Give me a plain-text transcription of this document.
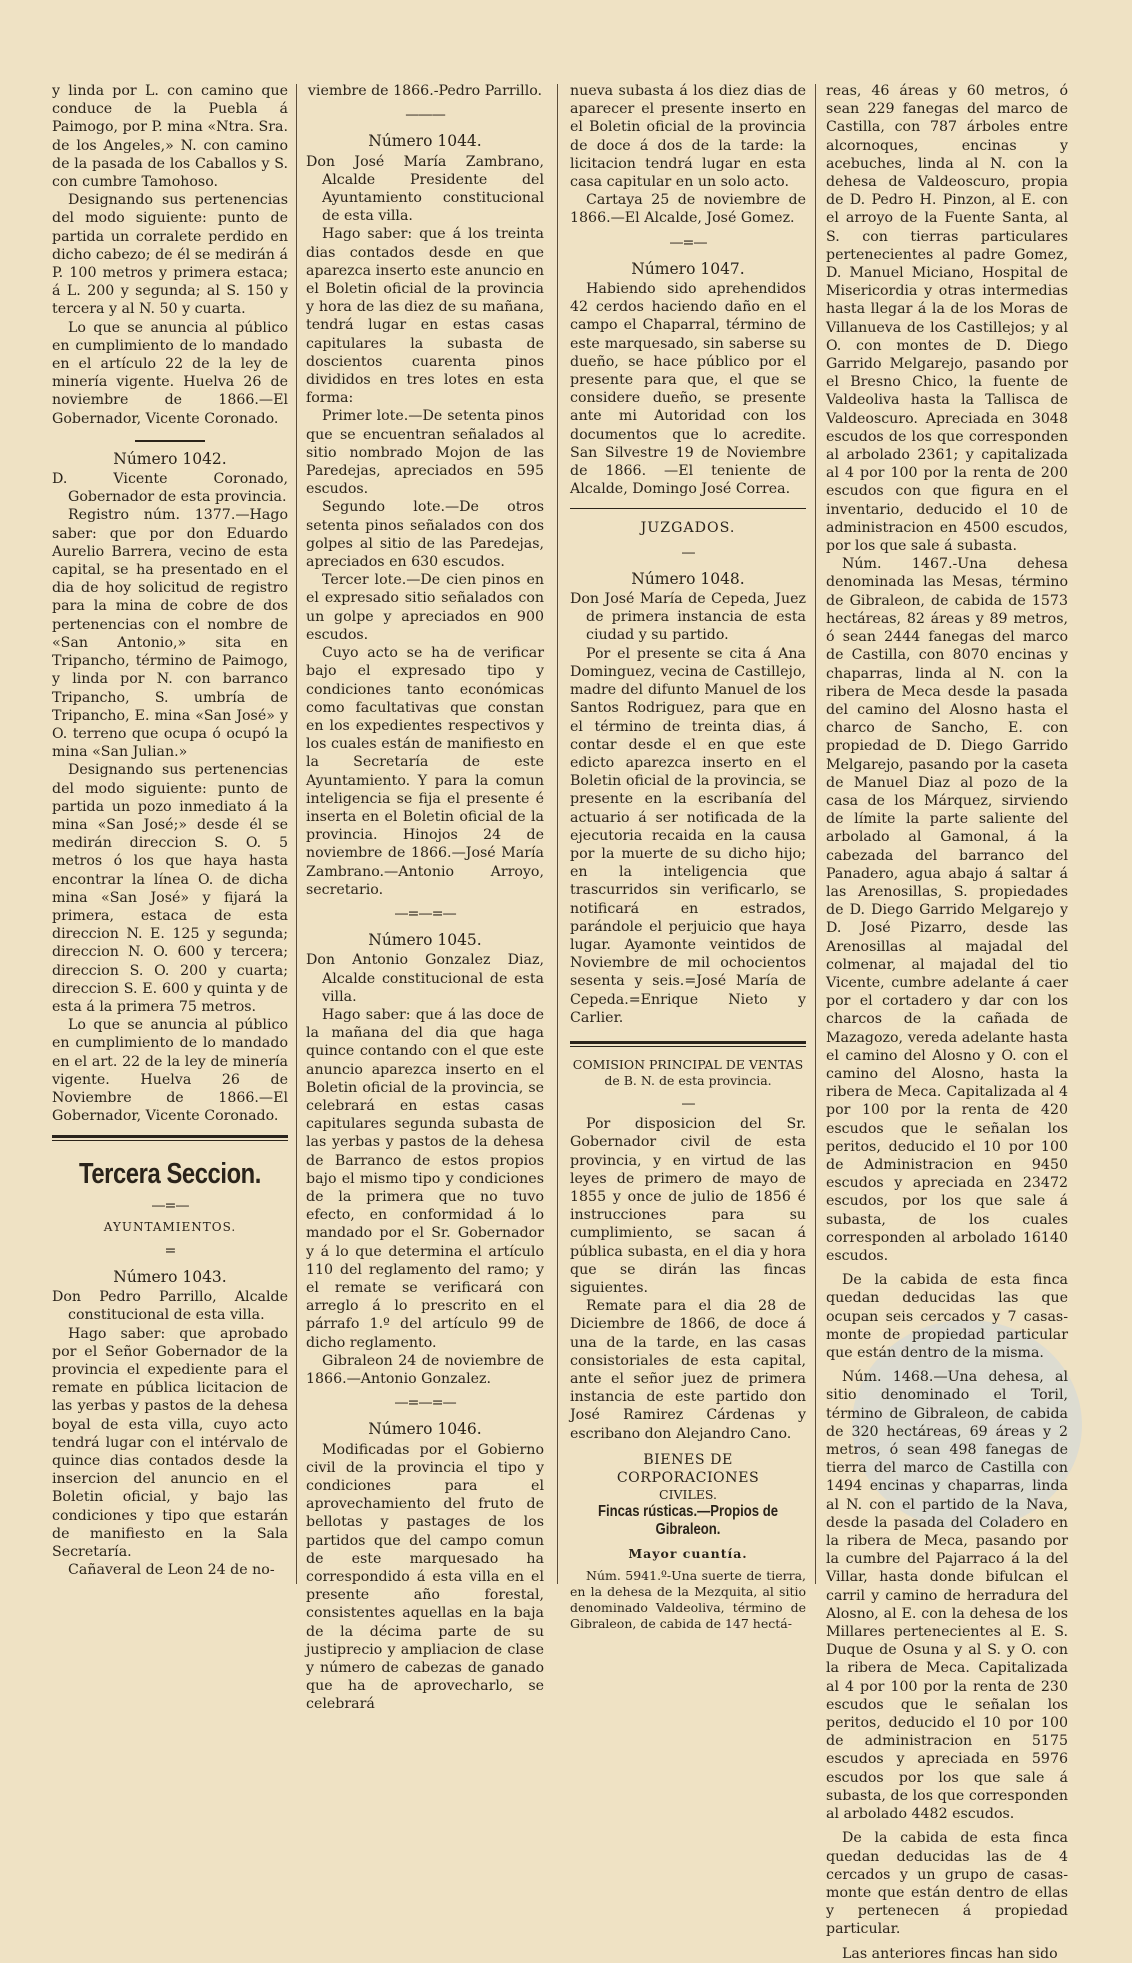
y linda por L. con camino que conduce de la Puebla á Paimogo, por P. mina «Ntra. Sra. de los Angeles,» N. con camino de la pasada de los Caballos y S. con cumbre Tamohoso.

Designando sus pertenencias del modo siguiente: punto de partida un corralete perdido en dicho cabezo; de él se medirán á P. 100 metros y primera estaca; á L. 200 y segunda; al S. 150 y tercera y al N. 50 y cuarta.

Lo que se anuncia al público en cumplimiento de lo mandado en el artículo 22 de la ley de minería vigente. Huelva 26 de noviembre de 1866.—El Gobernador, Vicente Coronado.

Número 1042.

D. Vicente Coronado, Gobernador de esta provincia.

Registro núm. 1377.—Hago saber: que por don Eduardo Aurelio Barrera, vecino de esta capital, se ha presentado en el dia de hoy solicitud de registro para la mina de cobre de dos pertenencias con el nombre de «San Antonio,» sita en Tripancho, término de Paimogo, y linda por N. con barranco Tripancho, S. umbría de Tripancho, E. mina «San José» y O. terreno que ocupa ó ocupó la mina «San Julian.»

Designando sus pertenencias del modo siguiente: punto de partida un pozo inmediato á la mina «San José;» desde él se medirán direccion S. O. 5 metros ó los que haya hasta encontrar la línea O. de dicha mina «San José» y fijará la primera, estaca de esta direccion N. E. 125 y segunda; direccion N. O. 600 y tercera; direccion S. O. 200 y cuarta; direccion S. E. 600 y quinta y de esta á la primera 75 metros.

Lo que se anuncia al público en cumplimiento de lo mandado en el art. 22 de la ley de minería vigente. Huelva 26 de Noviembre de 1866.—El Gobernador, Vicente Coronado.

Tercera Seccion.

—=—

AYUNTAMIENTOS.

=

Número 1043.

Don Pedro Parrillo, Alcalde constitucional de esta villa.

Hago saber: que aprobado por el Señor Gobernador de la provincia el expediente para el remate en pública licitacion de las yerbas y pastos de la dehesa boyal de esta villa, cuyo acto tendrá lugar con el intérvalo de quince dias contados desde la insercion del anuncio en el Boletin oficial, y bajo las condiciones y tipo que estarán de manifiesto en la Sala Secretaría.

Cañaveral de Leon 24 de no-

viembre de 1866.-Pedro Parrillo.

———

Número 1044.

Don José María Zambrano, Alcalde Presidente del Ayuntamiento constitucional de esta villa.

Hago saber: que á los treinta dias contados desde en que aparezca inserto este anuncio en el Boletin oficial de la provincia y hora de las diez de su mañana, tendrá lugar en estas casas capitulares la subasta de doscientos cuarenta pinos divididos en tres lotes en esta forma:

Primer lote.—De setenta pinos que se encuentran señalados al sitio nombrado Mojon de las Paredejas, apreciados en 595 escudos.

Segundo lote.—De otros setenta pinos señalados con dos golpes al sitio de las Paredejas, apreciados en 630 escudos.

Tercer lote.—De cien pinos en el expresado sitio señalados con un golpe y apreciados en 900 escudos.

Cuyo acto se ha de verificar bajo el expresado tipo y condiciones tanto económicas como facultativas que constan en los expedientes respectivos y los cuales están de manifiesto en la Secretaría de este Ayuntamiento. Y para la comun inteligencia se fija el presente é inserta en el Boletin oficial de la provincia. Hinojos 24 de noviembre de 1866.—José María Zambrano.—Antonio Arroyo, secretario.

—=—=—

Número 1045.

Don Antonio Gonzalez Diaz, Alcalde constitucional de esta villa.

Hago saber: que á las doce de la mañana del dia que haga quince contando con el que este anuncio aparezca inserto en el Boletin oficial de la provincia, se celebrará en estas casas capitulares segunda subasta de las yerbas y pastos de la dehesa de Barranco de estos propios bajo el mismo tipo y condiciones de la primera que no tuvo efecto, en conformidad á lo mandado por el Sr. Gobernador y á lo que determina el artículo 110 del reglamento del ramo; y el remate se verificará con arreglo á lo prescrito en el párrafo 1.º del artículo 99 de dicho reglamento.

Gibraleon 24 de noviembre de 1866.—Antonio Gonzalez.

—=—=—

Número 1046.

Modificadas por el Gobierno civil de la provincia el tipo y condiciones para el aprovechamiento del fruto de bellotas y pastages de los partidos que del campo comun de este marquesado ha correspondido á esta villa en el presente año forestal, consistentes aquellas en la baja de la décima parte de su justiprecio y ampliacion de clase y número de cabezas de ganado que ha de aprovecharlo, se celebrará

nueva subasta á los diez dias de aparecer el presente inserto en el Boletin oficial de la provincia de doce á dos de la tarde: la licitacion tendrá lugar en esta casa capitular en un solo acto.

Cartaya 25 de noviembre de 1866.—El Alcalde, José Gomez.

—=—

Número 1047.

Habiendo sido aprehendidos 42 cerdos haciendo daño en el campo el Chaparral, término de este marquesado, sin saberse su dueño, se hace público por el presente para que, el que se considere dueño, se presente ante mi Autoridad con los documentos que lo acredite. San Silvestre 19 de Noviembre de 1866. —El teniente de Alcalde, Domingo José Correa.

JUZGADOS.

—

Número 1048.

Don José María de Cepeda, Juez de primera instancia de esta ciudad y su partido.

Por el presente se cita á Ana Dominguez, vecina de Castillejo, madre del difunto Manuel de los Santos Rodriguez, para que en el término de treinta dias, á contar desde el en que este edicto aparezca inserto en el Boletin oficial de la provincia, se presente en la escribanía del actuario á ser notificada de la ejecutoria recaida en la causa por la muerte de su dicho hijo; en la inteligencia que trascurridos sin verificarlo, se notificará en estrados, parándole el perjuicio que haya lugar. Ayamonte veintidos de Noviembre de mil ochocientos sesenta y seis.=José María de Cepeda.=Enrique Nieto y Carlier.

COMISION PRINCIPAL DE VENTAS de B. N. de esta provincia.

—

Por disposicion del Sr. Gobernador civil de esta provincia, y en virtud de las leyes de primero de mayo de 1855 y once de julio de 1856 é instrucciones para su cumplimiento, se sacan á pública subasta, en el dia y hora que se dirán las fincas siguientes.

Remate para el dia 28 de Diciembre de 1866, de doce á una de la tarde, en las casas consistoriales de esta capital, ante el señor juez de primera instancia de este partido don José Ramirez Cárdenas y escribano don Alejandro Cano.

BIENES DE CORPORACIONES

CIVILES.

Fincas rústicas.—Propios de Gibraleon.

Mayor cuantía.

Núm. 5941.º-Una suerte de tierra, en la dehesa de la Mezquita, al sitio denominado Valdeoliva, término de Gibraleon, de cabida de 147 hectá-

reas, 46 áreas y 60 metros, ó sean 229 fanegas del marco de Castilla, con 787 árboles entre alcornoques, encinas y acebuches, linda al N. con la dehesa de Valdeoscuro, propia de D. Pedro H. Pinzon, al E. con el arroyo de la Fuente Santa, al S. con tierras particulares pertenecientes al padre Gomez, D. Manuel Miciano, Hospital de Misericordia y otras intermedias hasta llegar á la de los Moras de Villanueva de los Castillejos; y al O. con montes de D. Diego Garrido Melgarejo, pasando por el Bresno Chico, la fuente de Valdeoliva hasta la Tallisca de Valdeoscuro. Apreciada en 3048 escudos de los que corresponden al arbolado 2361; y capitalizada al 4 por 100 por la renta de 200 escudos con que figura en el inventario, deducido el 10 de administracion en 4500 escudos, por los que sale á subasta.

Núm. 1467.-Una dehesa denominada las Mesas, término de Gibraleon, de cabida de 1573 hectáreas, 82 áreas y 89 metros, ó sean 2444 fanegas del marco de Castilla, con 8070 encinas y chaparras, linda al N. con la ribera de Meca desde la pasada del camino del Alosno hasta el charco de Sancho, E. con propiedad de D. Diego Garrido Melgarejo, pasando por la caseta de Manuel Diaz al pozo de la casa de los Márquez, sirviendo de límite la parte saliente del arbolado al Gamonal, á la cabezada del barranco del Panadero, agua abajo á saltar á las Arenosillas, S. propiedades de D. Diego Garrido Melgarejo y D. José Pizarro, desde las Arenosillas al majadal del colmenar, al majadal del tio Vicente, cumbre adelante á caer por el cortadero y dar con los charcos de la cañada de Mazagozo, vereda adelante hasta el camino del Alosno y O. con el camino del Alosno, hasta la ribera de Meca. Capitalizada al 4 por 100 por la renta de 420 escudos que le señalan los peritos, deducido el 10 por 100 de Administracion en 9450 escudos y apreciada en 23472 escudos, por los que sale á subasta, de los cuales corresponden al arbolado 16140 escudos.

De la cabida de esta finca quedan deducidas las que ocupan seis cercados y 7 casas-monte de propiedad particular que están dentro de la misma.

Núm. 1468.—Una dehesa, al sitio denominado el Toril, término de Gibraleon, de cabida de 320 hectáreas, 69 áreas y 2 metros, ó sean 498 fanegas de tierra del marco de Castilla con 1494 encinas y chaparras, linda al N. con el partido de la Nava, desde la pasada del Coladero en la ribera de Meca, pasando por la cumbre del Pajarraco á la del Villar, hasta donde bifulcan el carril y camino de herradura del Alosno, al E. con la dehesa de los Millares pertenecientes al E. S. Duque de Osuna y al S. y O. con la ribera de Meca. Capitalizada al 4 por 100 por la renta de 230 escudos que le señalan los peritos, deducido el 10 por 100 de administracion en 5175 escudos y apreciada en 5976 escudos por los que sale á subasta, de los que corresponden al arbolado 4482 escudos.

De la cabida de esta finca quedan deducidas las de 4 cercados y un grupo de casas-monte que están dentro de ellas y pertenecen á propiedad particular.

Las anteriores fincas han sido
